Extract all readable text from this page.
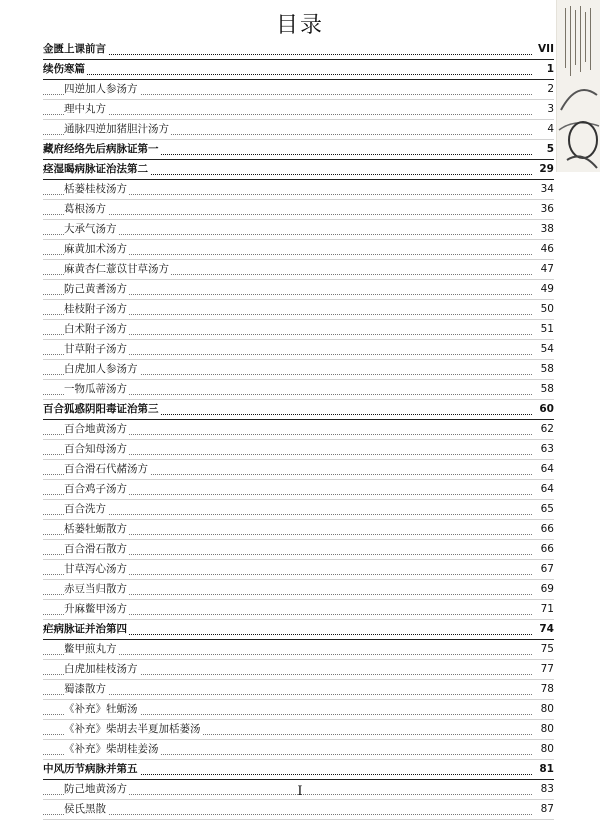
目录
金匮上课前言	VII
续伤寒篇	1
四逆加人参汤方	2
理中丸方	3
通脉四逆加猪胆汁汤方	4
藏府经络先后病脉证第一	5
痉湿暍病脉证治法第二	29
栝蒌桂枝汤方	34
葛根汤方	36
大承气汤方	38
麻黄加术汤方	46
麻黄杏仁薏苡甘草汤方	47
防己黄耆汤方	49
桂枝附子汤方	50
白术附子汤方	51
甘草附子汤方	54
白虎加人参汤方	58
一物瓜蒂汤方	58
百合狐惑阴阳毒证治第三	60
百合地黄汤方	62
百合知母汤方	63
百合滑石代赭汤方	64
百合鸡子汤方	64
百合洗方	65
栝蒌牡蛎散方	66
百合滑石散方	66
甘草泻心汤方	67
赤豆当归散方	69
升麻鳖甲汤方	71
疟病脉证并治第四	74
鳖甲煎丸方	75
白虎加桂枝汤方	77
蜀漆散方	78
《补充》牡蛎汤	80
《补充》柴胡去半夏加栝蒌汤	80
《补充》柴胡桂姜汤	80
中风历节病脉并第五	81
防己地黄汤方	83
侯氏黑散	87
I
